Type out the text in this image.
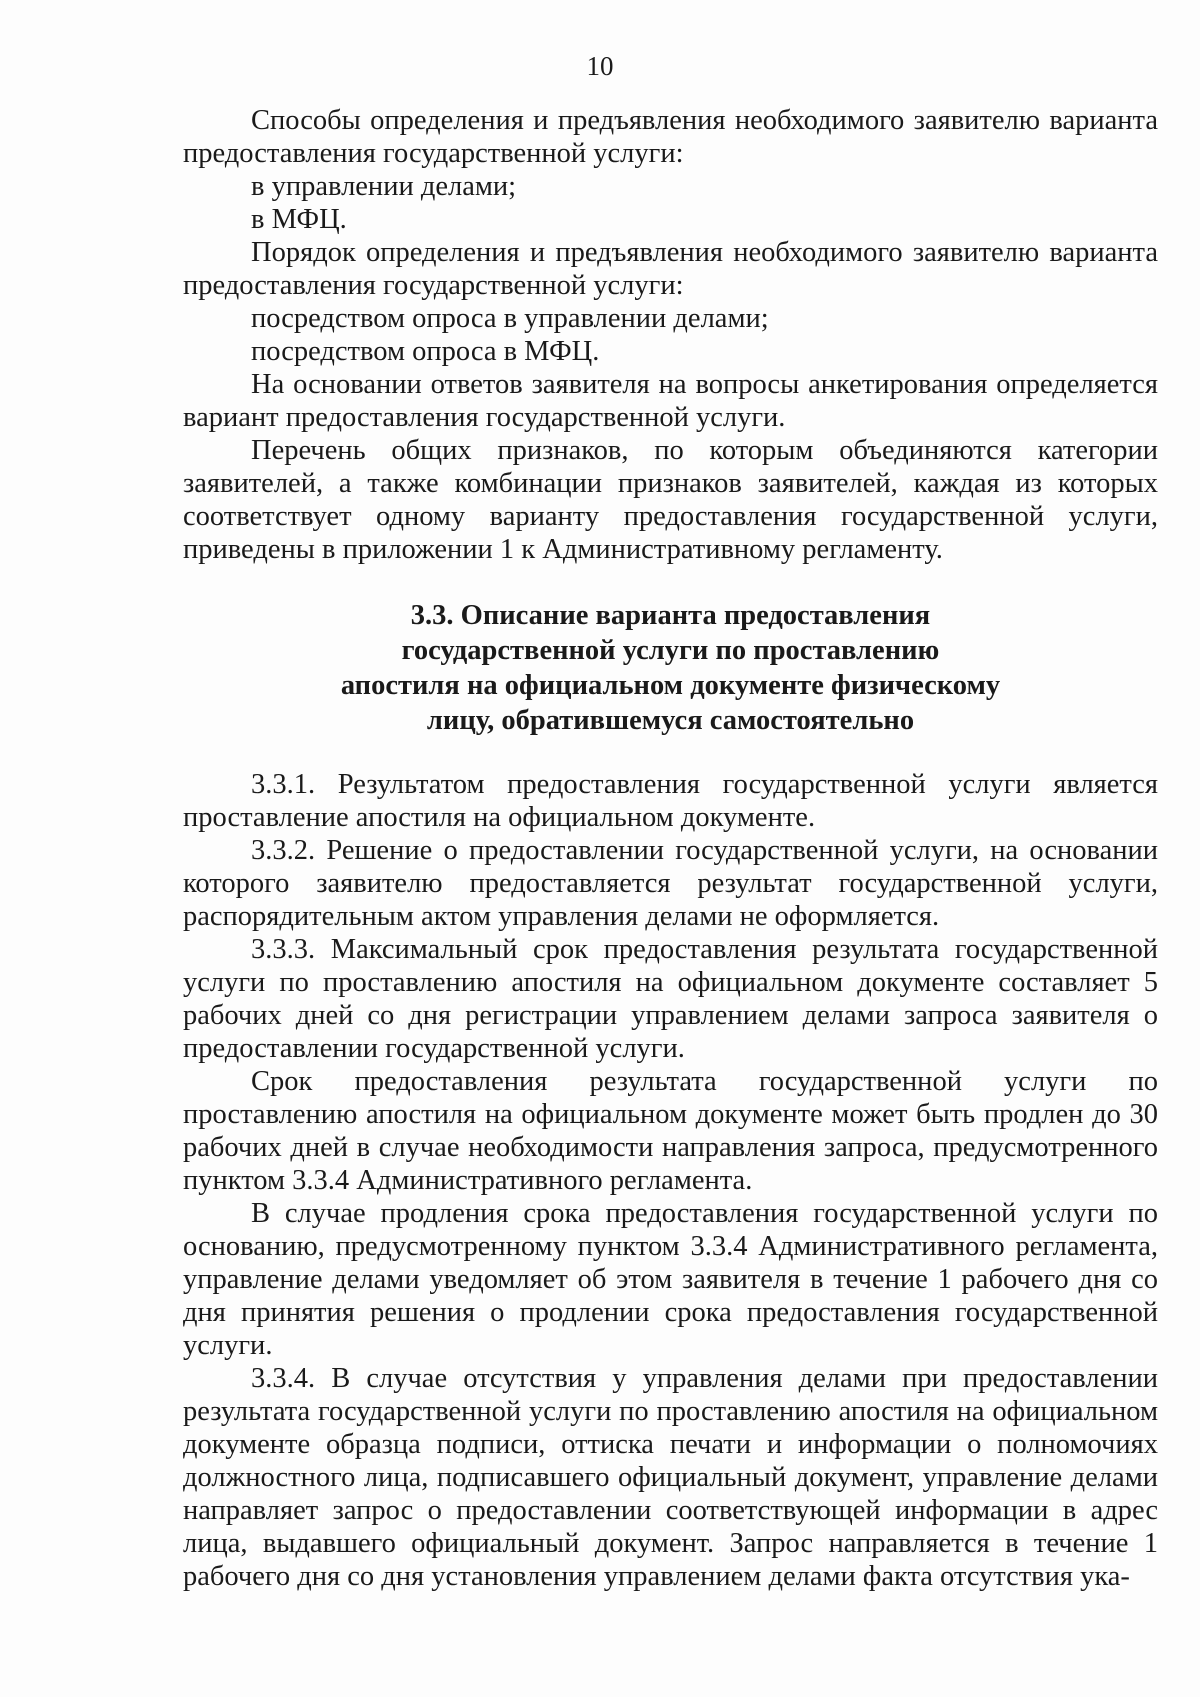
10

Способы определения и предъявления необходимого заявителю варианта предоставления государственной услуги:

в управлении делами;

в МФЦ.

Порядок определения и предъявления необходимого заявителю варианта предоставления государственной услуги:

посредством опроса в управлении делами;

посредством опроса в МФЦ.

На основании ответов заявителя на вопросы анкетирования определяется вариант предоставления государственной услуги.

Перечень общих признаков, по которым объединяются категории заявителей, а также комбинации признаков заявителей, каждая из которых соответствует одному варианту предоставления государственной услуги, приведены в приложении 1 к Административному регламенту.

3.3. Описание варианта предоставления
государственной услуги по проставлению
апостиля на официальном документе физическому
лицу, обратившемуся самостоятельно

3.3.1. Результатом предоставления государственной услуги является проставление апостиля на официальном документе.

3.3.2. Решение о предоставлении государственной услуги, на основании которого заявителю предоставляется результат государственной услуги, распорядительным актом управления делами не оформляется.

3.3.3. Максимальный срок предоставления результата государственной услуги по проставлению апостиля на официальном документе составляет 5 рабочих дней со дня регистрации управлением делами запроса заявителя о предоставлении государственной услуги.

Срок предоставления результата государственной услуги по проставлению апостиля на официальном документе может быть продлен до 30 рабочих дней в случае необходимости направления запроса, предусмотренного пунктом 3.3.4 Административного регламента.

В случае продления срока предоставления государственной услуги по основанию, предусмотренному пунктом 3.3.4 Административного регламента, управление делами уведомляет об этом заявителя в течение 1 рабочего дня со дня принятия решения о продлении срока предоставления государственной услуги.

3.3.4. В случае отсутствия у управления делами при предоставлении результата государственной услуги по проставлению апостиля на официальном документе образца подписи, оттиска печати и информации о полномочиях должностного лица, подписавшего официальный документ, управление делами направляет запрос о предоставлении соответствующей информации в адрес лица, выдавшего официальный документ. Запрос направляется в течение 1 рабочего дня со дня установления управлением делами факта отсутствия ука-
